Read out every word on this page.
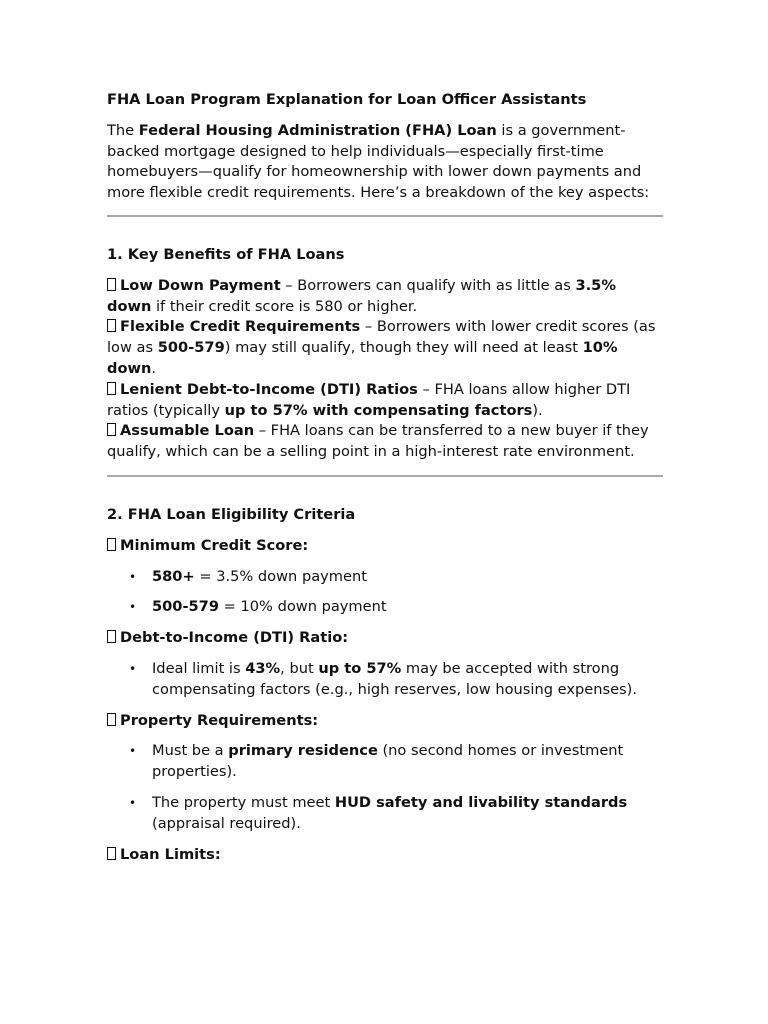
FHA Loan Program Explanation for Loan Officer Assistants

The Federal Housing Administration (FHA) Loan is a government-backed mortgage designed to help individuals—especially first-time homebuyers—qualify for homeownership with lower down payments and more flexible credit requirements. Here’s a breakdown of the key aspects:

1. Key Benefits of FHA Loans

Low Down Payment – Borrowers can qualify with as little as 3.5% down if their credit score is 580 or higher.

Flexible Credit Requirements – Borrowers with lower credit scores (as low as 500-579) may still qualify, though they will need at least 10% down.

Lenient Debt-to-Income (DTI) Ratios – FHA loans allow higher DTI ratios (typically up to 57% with compensating factors).

Assumable Loan – FHA loans can be transferred to a new buyer if they qualify, which can be a selling point in a high-interest rate environment.

2. FHA Loan Eligibility Criteria
Minimum Credit Score:
• 580+ = 3.5% down payment
• 500-579 = 10% down payment
Debt-to-Income (DTI) Ratio:
• Ideal limit is 43%, but up to 57% may be accepted with strong compensating factors (e.g., high reserves, low housing expenses).
Property Requirements:
• Must be a primary residence (no second homes or investment properties).
• The property must meet HUD safety and livability standards (appraisal required).
Loan Limits:
